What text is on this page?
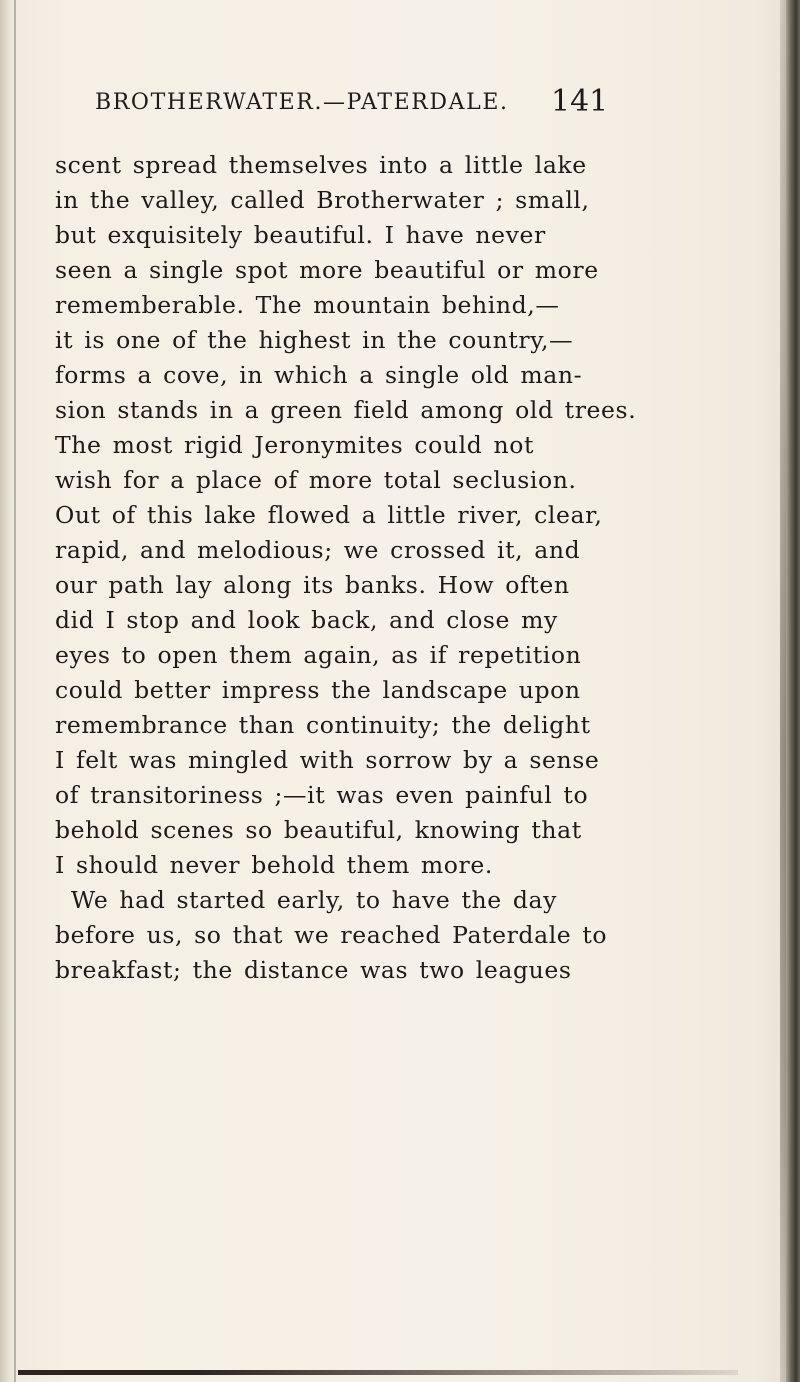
BROTHERWATER.—PATERDALE. 141
scent spread themselves into a little lake
in the valley, called Brotherwater ; small,
but exquisitely beautiful. I have never
seen a single spot more beautiful or more
rememberable. The mountain behind,—
it is one of the highest in the country,—
forms a cove, in which a single old man-
sion stands in a green field among old trees.
The most rigid Jeronymites could not
wish for a place of more total seclusion.
Out of this lake flowed a little river, clear,
rapid, and melodious; we crossed it, and
our path lay along its banks. How often
did I stop and look back, and close my
eyes to open them again, as if repetition
could better impress the landscape upon
remembrance than continuity; the delight
I felt was mingled with sorrow by a sense
of transitoriness ;—it was even painful to
behold scenes so beautiful, knowing that
I should never behold them more.
We had started early, to have the day
before us, so that we reached Paterdale to
breakfast; the distance was two leagues
